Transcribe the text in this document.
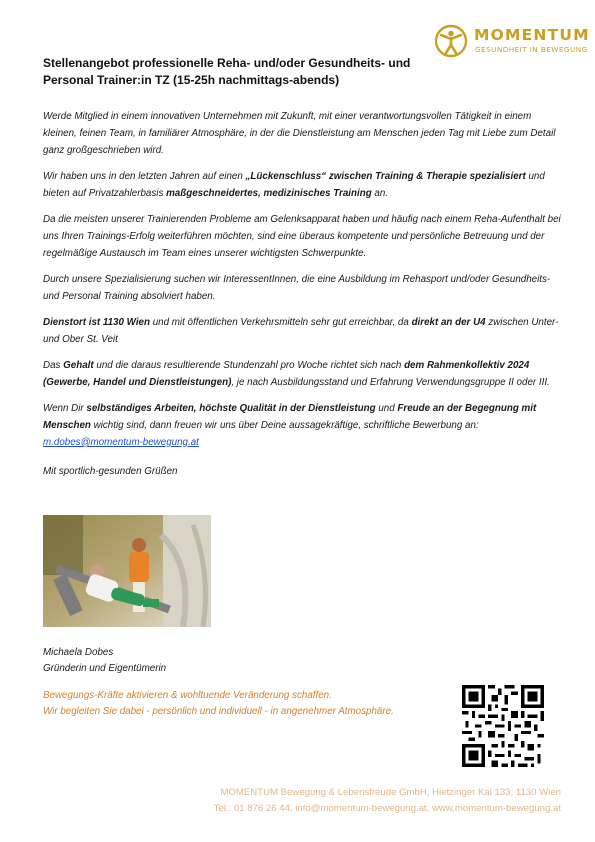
MOMENTUM
GESUNDHEIT IN BEWEGUNG
Stellenangebot professionelle Reha- und/oder Gesundheits- und
Personal Trainer:in TZ (15-25h nachmittags-abends)

Werde Mitglied in einem innovativen Unternehmen mit Zukunft, mit einer verantwortungsvollen Tätigkeit in einem kleinen, feinen Team, in familiärer Atmosphäre, in der die Dienstleistung am Menschen jeden Tag mit Liebe zum Detail ganz großgeschrieben wird.

Wir haben uns in den letzten Jahren auf einen „Lückenschluss“ zwischen Training & Therapie spezialisiert und bieten auf Privatzahlerbasis maßgeschneidertes, medizinisches Training an.

Da die meisten unserer Trainierenden Probleme am Gelenksapparat haben und häufig nach einem Reha-Aufenthalt bei uns Ihren Trainings-Erfolg weiterführen möchten, sind eine überaus kompetente und persönliche Betreuung und der regelmäßige Austausch im Team eines unserer wichtigsten Schwerpunkte.

Durch unsere Spezialisierung suchen wir InteressentInnen, die eine Ausbildung im Rehasport und/oder Gesundheits- und Personal Training absolviert haben.

Dienstort ist 1130 Wien und mit öffentlichen Verkehrsmitteln sehr gut erreichbar, da direkt an der U4 zwischen Unter- und Ober St. Veit

Das Gehalt und die daraus resultierende Stundenzahl pro Woche richtet sich nach dem Rahmenkollektiv 2024 (Gewerbe, Handel und Dienstleistungen), je nach Ausbildungsstand und Erfahrung Verwendungsgruppe II oder III.

Wenn Dir selbständiges Arbeiten, höchste Qualität in der Dienstleistung und Freude an der Begegnung mit Menschen wichtig sind, dann freuen wir uns über Deine aussagekräftige, schriftliche Bewerbung an:
m.dobes@momentum-bewegung.at

Mit sportlich-gesunden Grüßen

Michaela Dobes
Gründerin und Eigentümerin
Bewegungs-Kräfte aktivieren & wohltuende Veränderung schaffen.
Wir begleiten Sie dabei - persönlich und individuell - in angenehmer Atmosphäre.
MOMENTUM Bewegung & Lebensfreude GmbH, Hietzinger Kai 133, 1130 Wien
Tel.: 01 876 26 44, info@momentum-bewegung.at, www.momentum-bewegung.at
